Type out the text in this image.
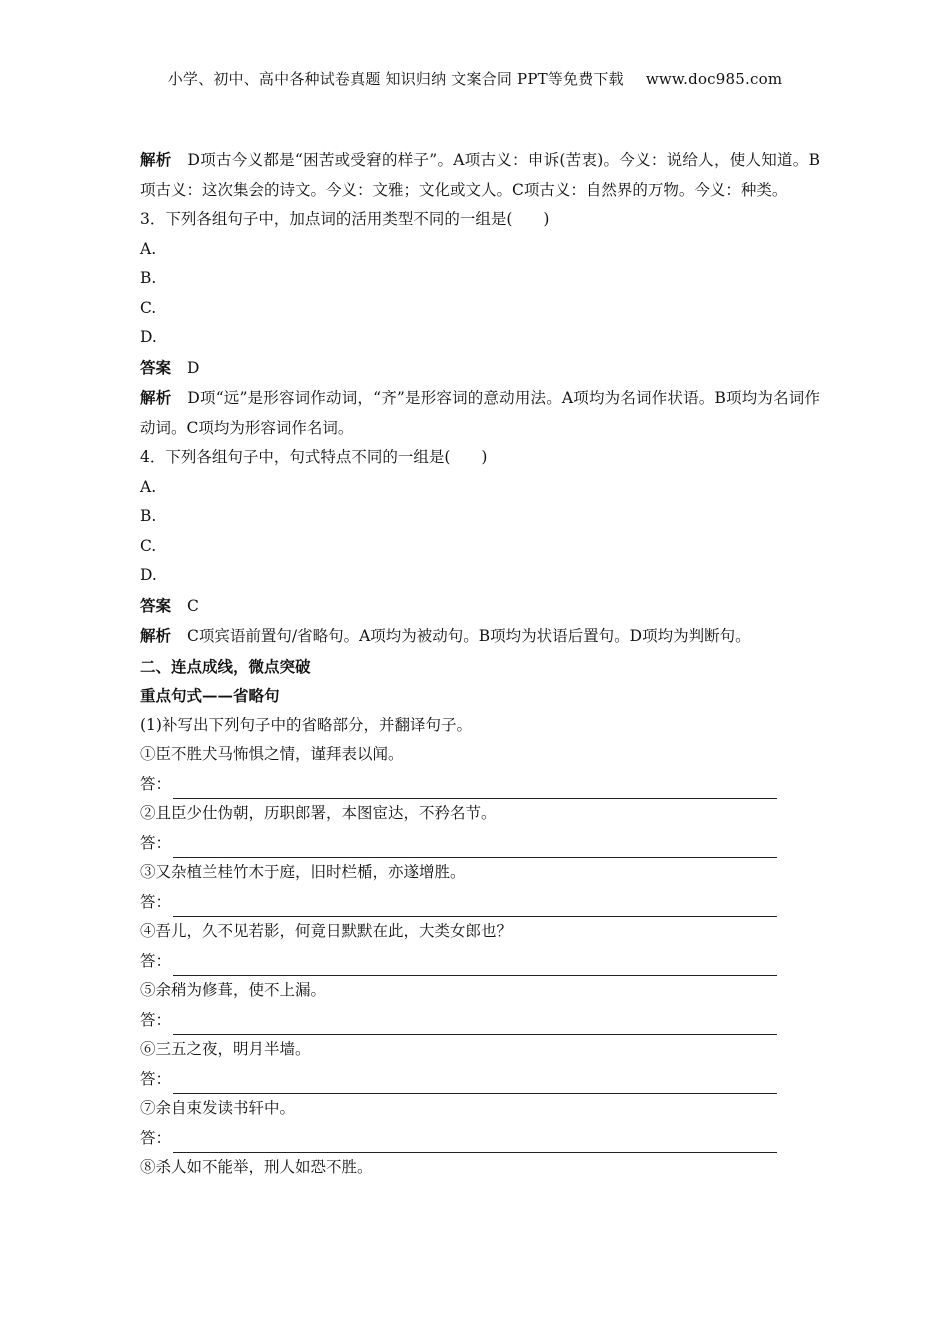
小学、初中、高中各种试卷真题 知识归纳 文案合同 PPT等免费下载 www.doc985.com
解析 D项古今义都是“困苦或受窘的样子”。A项古义：申诉(苦衷)。今义：说给人，使人知道。B项古义：这次集会的诗文。今义：文雅；文化或文人。C项古义：自然界的万物。今义：种类。
3．下列各组句子中，加点词的活用类型不同的一组是(　　)
A.
B.
C.
D.
答案 D
解析 D项“远”是形容词作动词，“齐”是形容词的意动用法。A项均为名词作状语。B项均为名词作动词。C项均为形容词作名词。
4．下列各组句子中，句式特点不同的一组是(　　)
A.
B.
C.
D.
答案 C
解析 C项宾语前置句/省略句。A项均为被动句。B项均为状语后置句。D项均为判断句。
二、连点成线，微点突破
重点句式——省略句
(1)补写出下列句子中的省略部分，并翻译句子。
①臣不胜犬马怖惧之情，谨拜表以闻。
答：
②且臣少仕伪朝，历职郎署，本图宦达，不矜名节。
答：
③又杂植兰桂竹木于庭，旧时栏楯，亦遂增胜。
答：
④吾儿，久不见若影，何竟日默默在此，大类女郎也？
答：
⑤余稍为修葺，使不上漏。
答：
⑥三五之夜，明月半墙。
答：
⑦余自束发读书轩中。
答：
⑧杀人如不能举，刑人如恐不胜。
